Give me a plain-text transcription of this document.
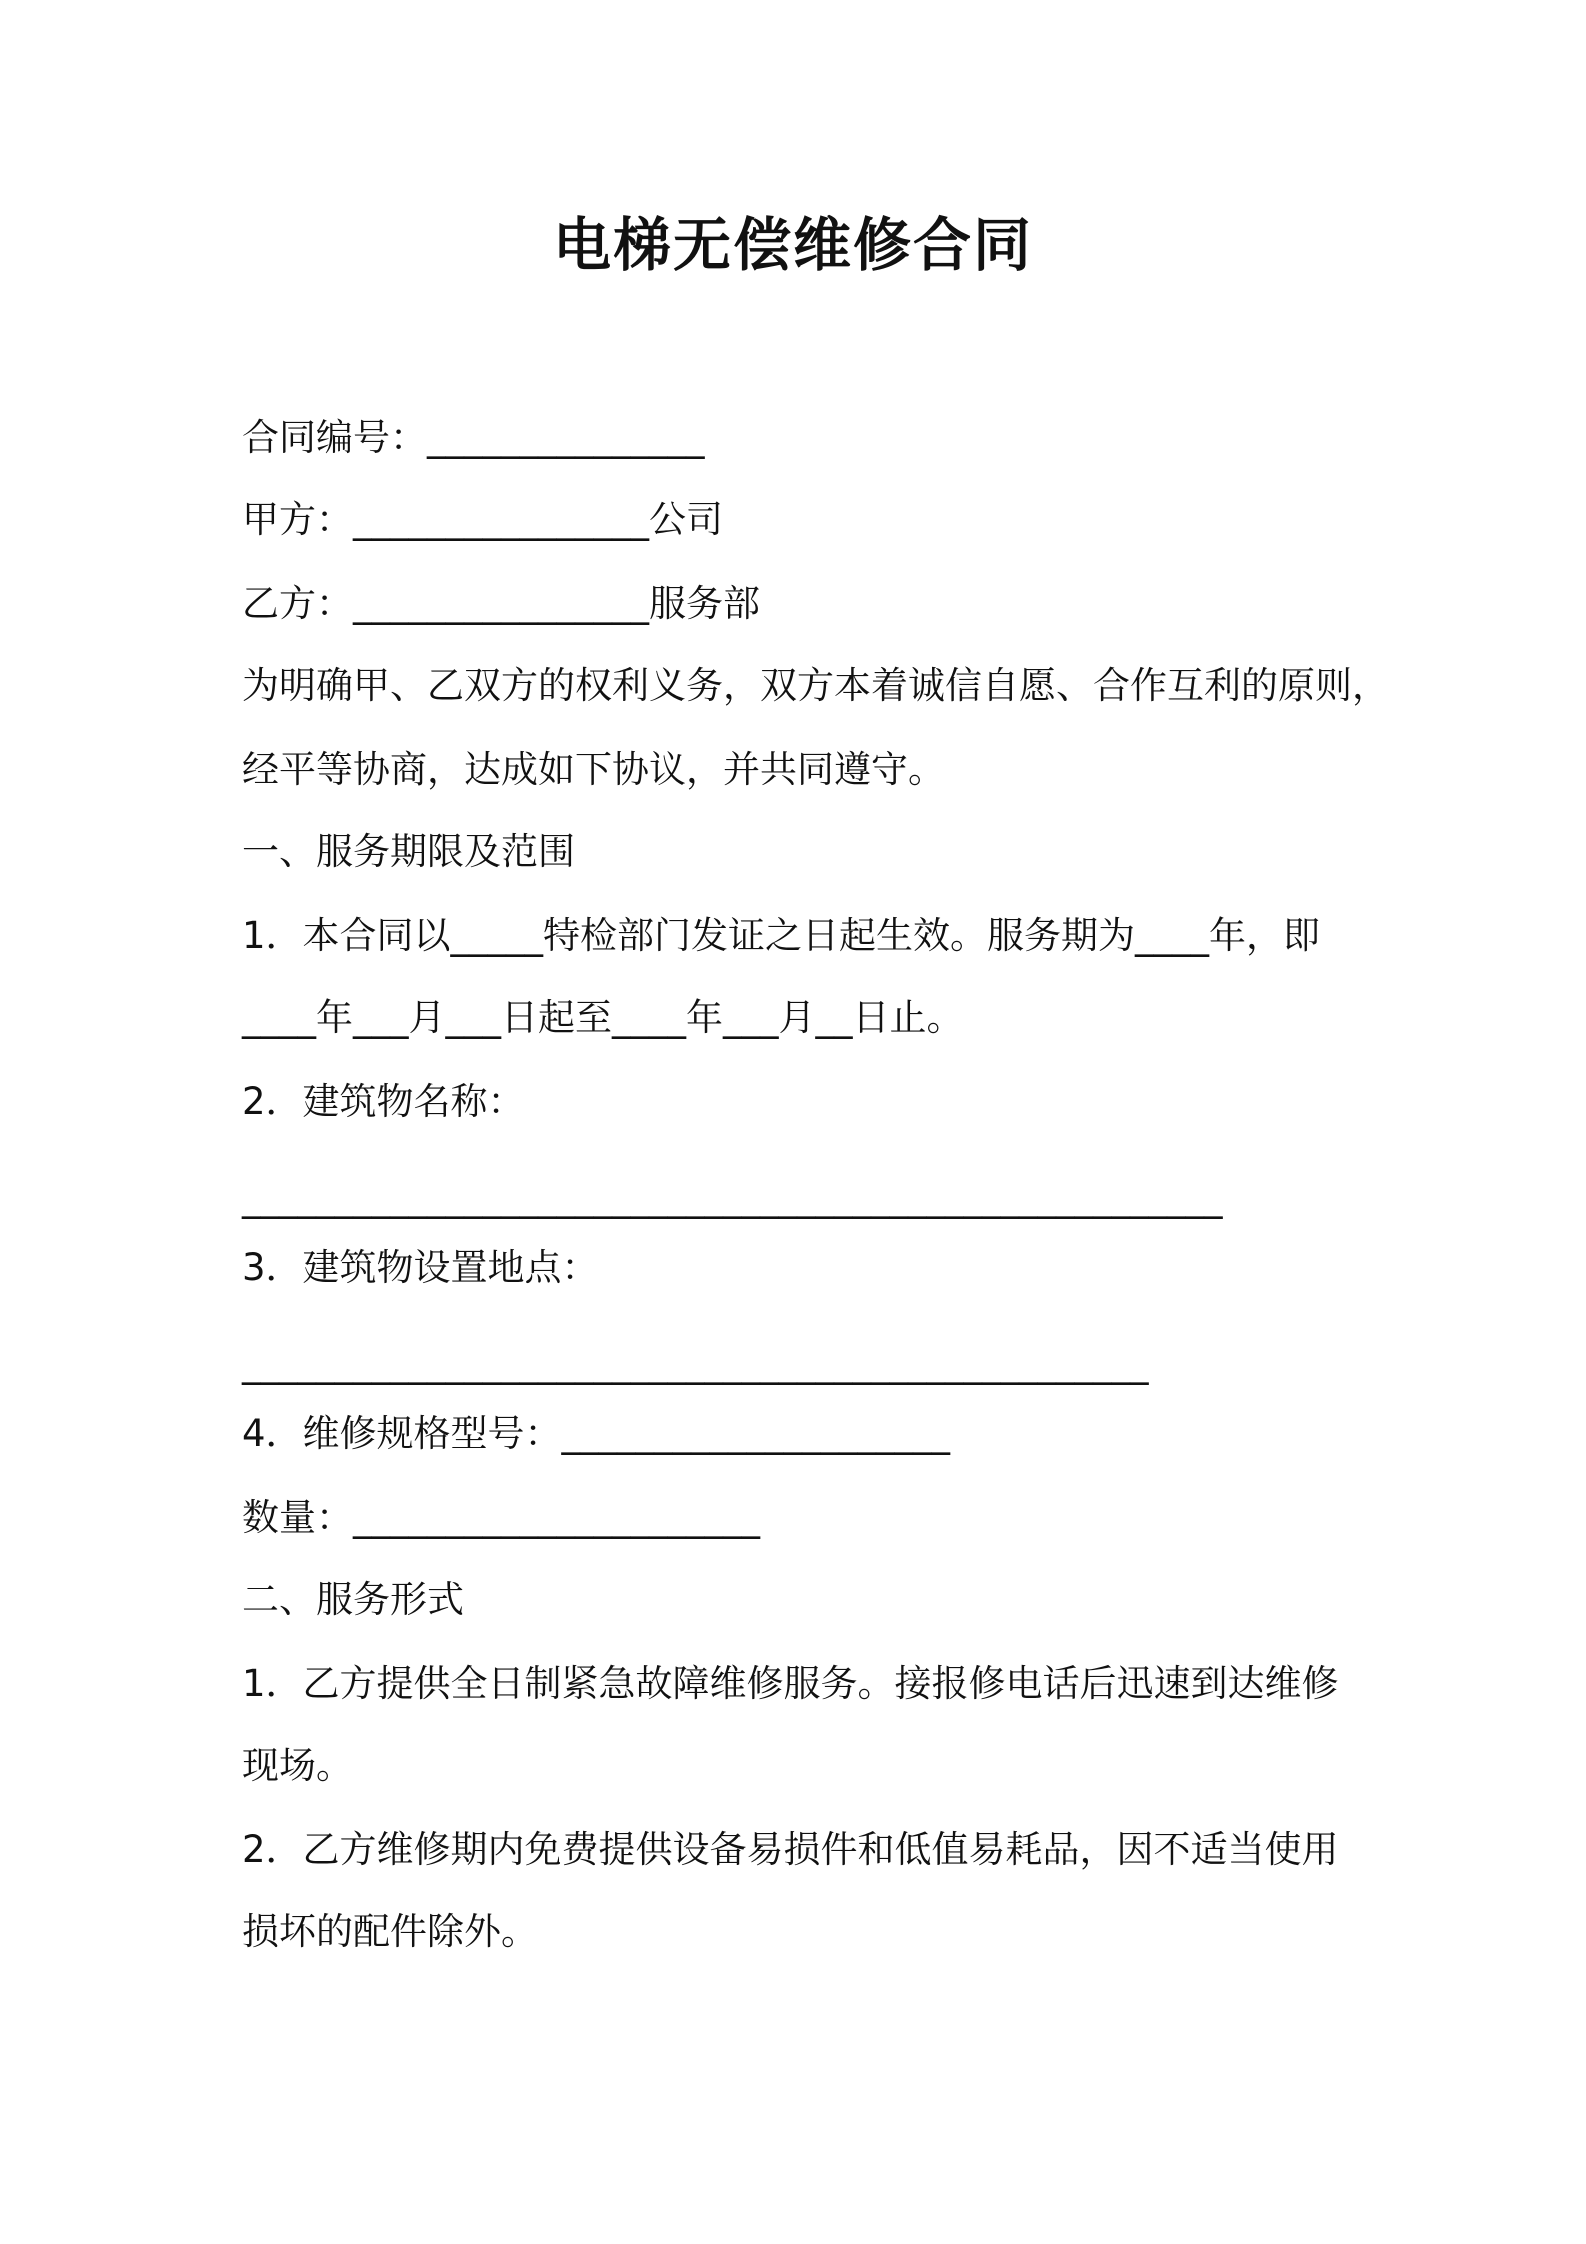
电梯无偿维修合同
合同编号：_______________
甲方：________________公司
乙方：________________服务部
为明确甲、乙双方的权利义务，双方本着诚信自愿、合作互利的原则，
经平等协商，达成如下协议，并共同遵守。
一、服务期限及范围
1．本合同以_____特检部门发证之日起生效。服务期为____年，即
____年___月___日起至____年___月__日止。
2．建筑物名称：
_____________________________________________________
3．建筑物设置地点：
_________________________________________________
4．维修规格型号：_____________________
数量：______________________
二、服务形式
1．乙方提供全日制紧急故障维修服务。接报修电话后迅速到达维修
现场。
2．乙方维修期内免费提供设备易损件和低值易耗品，因不适当使用
损坏的配件除外。
